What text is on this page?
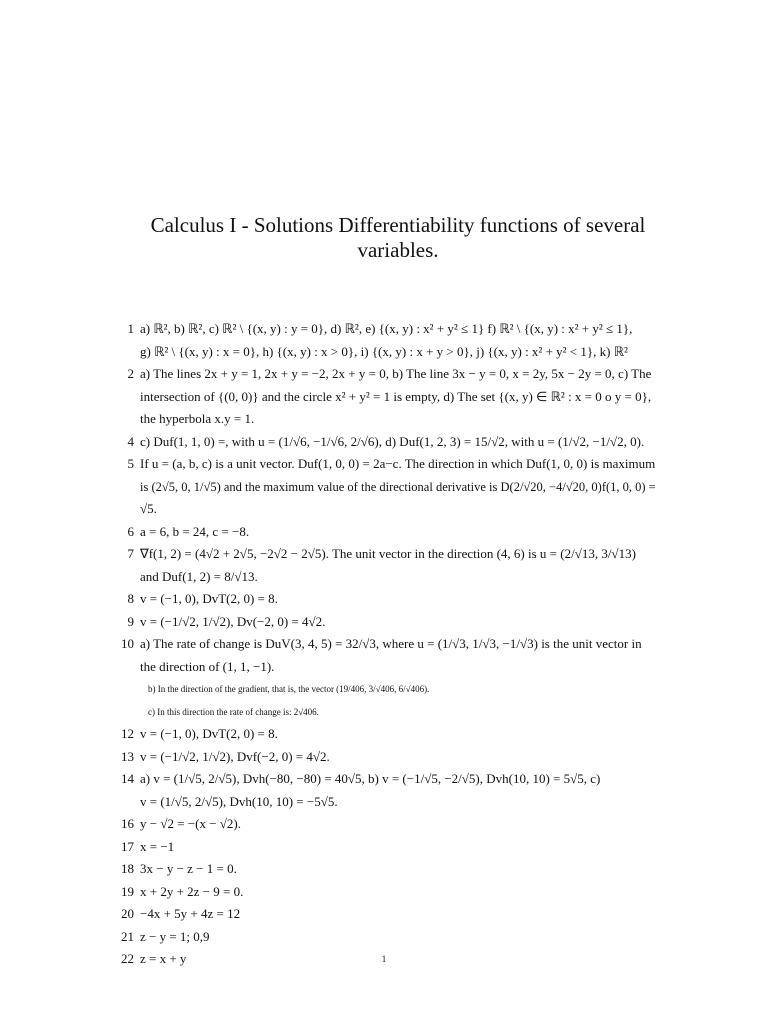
Calculus I - Solutions Differentiability functions of several
variables.
1 a) ℝ², b) ℝ², c) ℝ² \ {(x, y) : y = 0}, d) ℝ², e) {(x, y) : x² + y² ≤ 1} f) ℝ² \ {(x, y) : x² + y² ≤ 1},
g) ℝ² \ {(x, y) : x = 0}, h) {(x, y) : x > 0}, i) {(x, y) : x + y > 0}, j) {(x, y) : x² + y² < 1}, k) ℝ²
2 a) The lines 2x + y = 1, 2x + y = −2, 2x + y = 0, b) The line 3x − y = 0, x = 2y, 5x − 2y = 0, c) The
intersection of {(0, 0)} and the circle x² + y² = 1 is empty, d) The set {(x, y) ∈ ℝ² : x = 0 o y = 0},
the hyperbola x.y = 1.
4 c) Duf(1, 1, 0) =, with u = (1/√6, −1/√6, 2/√6), d) Duf(1, 2, 3) = 15/√2, with u = (1/√2, −1/√2, 0).
5 If u = (a, b, c) is a unit vector. Duf(1, 0, 0) = 2a−c. The direction in which Duf(1, 0, 0) is maximum
is (2√5, 0, 1/√5) and the maximum value of the directional derivative is D(2/√20, −4/√20, 0)f(1, 0, 0) =
√5.
6 a = 6, b = 24, c = −8.
7 ∇f(1, 2) = (4√2 + 2√5, −2√2 − 2√5). The unit vector in the direction (4, 6) is u = (2/√13, 3/√13)
and Duf(1, 2) = 8/√13.
8 v = (−1, 0), DvT(2, 0) = 8.
9 v = (−1/√2, 1/√2), Dv(−2, 0) = 4√2.
10 a) The rate of change is DuV(3, 4, 5) = 32/√3, where u = (1/√3, 1/√3, −1/√3) is the unit vector in
the direction of (1, 1, −1).
b) In the direction of the gradient, that is, the vector (19/406, 3/√406, 6/√406).
c) In this direction the rate of change is: 2√406.
12 v = (−1, 0), DvT(2, 0) = 8.
13 v = (−1/√2, 1/√2), Dvf(−2, 0) = 4√2.
14 a) v = (1/√5, 2/√5), Dvh(−80, −80) = 40√5, b) v = (−1/√5, −2/√5), Dvh(10, 10) = 5√5, c)
v = (1/√5, 2/√5), Dvh(10, 10) = −5√5.
16 y − √2 = −(x − √2).
17 x = −1
18 3x − y − z − 1 = 0.
19 x + 2y + 2z − 9 = 0.
20 −4x + 5y + 4z = 12
21 z − y = 1; 0,9
22 z = x + y	1
